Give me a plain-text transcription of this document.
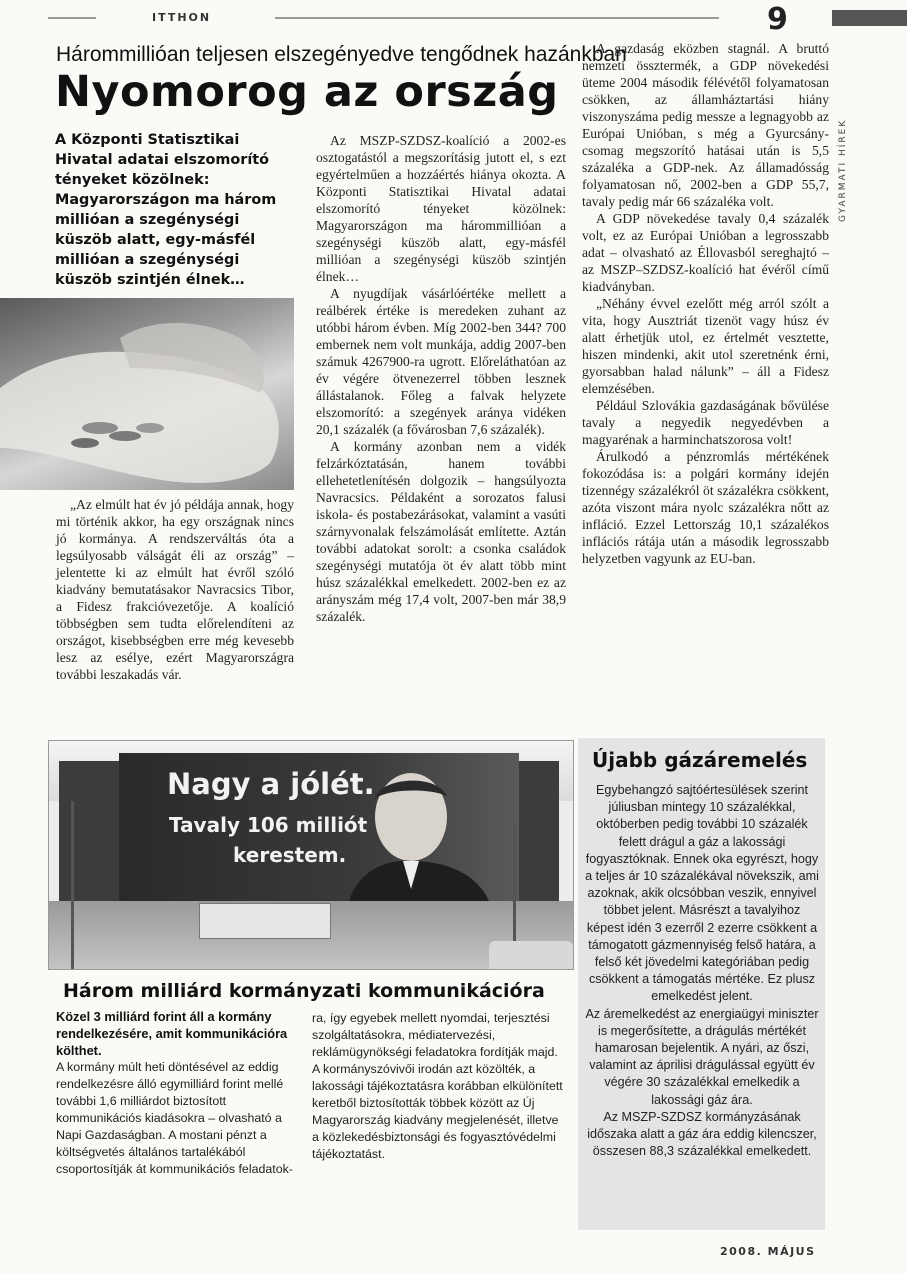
ITTHON	9
GYARMATI HÍREK
Hárommillióan teljesen elszegényedve tengődnek hazánkban
Nyomorog az ország
A Központi Statisztikai Hivatal adatai elszomorító tényeket közölnek: Magyarországon ma három millióan a szegénységi küszöb alatt, egy-másfél millióan a szegénységi küszöb szintjén élnek…

„Az elmúlt hat év jó példája annak, hogy mi történik akkor, ha egy országnak nincs jó kormánya. A rendszerváltás óta a legsúlyosabb válságát éli az ország” – jelentette ki az elmúlt hat évről szóló kiadvány bemutatásakor Navracsics Tibor, a Fidesz frakcióvezetője. A koalíció többségben sem tudta előrelendíteni az országot, kisebbségben erre még kevesebb lesz az esélye, ezért Magyarországra további leszakadás vár.

Az MSZP-SZDSZ-koalíció a 2002-es osztogatástól a megszorításig jutott el, s ezt egyértelműen a hozzáértés hiánya okozta. A Központi Statisztikai Hivatal adatai elszomorító tényeket közölnek: Magyarországon ma hárommillióan a szegénységi küszöb alatt, egy-másfél millióan a szegénységi küszöb szintjén élnek…

A nyugdíjak vásárlóértéke mellett a reálbérek értéke is meredeken zuhant az utóbbi három évben. Míg 2002-ben 344? 700 embernek nem volt munkája, addig 2007-ben számuk 4267900-ra ugrott. Előreláthatóan az év végére ötvenezerrel többen lesznek állástalanok. Főleg a falvak helyzete elszomorító: a szegények aránya vidéken 20,1 százalék (a fővárosban 7,6 százalék).

A kormány azonban nem a vidék felzárkóztatásán, hanem további ellehetetlenítésén dolgozik – hangsúlyozta Navracsics. Példaként a sorozatos falusi iskola- és postabezárásokat, valamint a vasúti szárnyvonalak felszámolását említette. Aztán további adatokat sorolt: a csonka családok szegénységi mutatója öt év alatt több mint húsz százalékkal emelkedett. 2002-ben ez az arányszám még 17,4 volt, 2007-ben már 38,9 százalék.

A gazdaság eközben stagnál. A bruttó nemzeti össztermék, a GDP növekedési üteme 2004 második félévétől folyamatosan csökken, az államháztartási hiány viszonyszáma pedig messze a legnagyobb az Európai Unióban, s még a Gyurcsány-csomag megszorító hatásai után is 5,5 százaléka a GDP-nek. Az államadósság folyamatosan nő, 2002-ben a GDP 55,7, tavaly pedig már 66 százaléka volt.

A GDP növekedése tavaly 0,4 százalék volt, ez az Európai Unióban a legrosszabb adat – olvasható az Éllovasból sereghajtó – az MSZP–SZDSZ-koalíció hat évéről című kiadványban.

„Néhány évvel ezelőtt még arról szólt a vita, hogy Ausztriát tizenöt vagy húsz év alatt érhetjük utol, ez értelmét vesztette, hiszen mindenki, akit utol szeretnénk érni, gyorsabban halad nálunk” – áll a Fidesz elemzésében.

Például Szlovákia gazdaságának bővülése tavaly a negyedik negyedévben a magyarénak a harminchatszorosa volt!

Árulkodó a pénzromlás mértékének fokozódása is: a polgári kormány idején tizennégy százalékról öt százalékra csökkent, azóta viszont mára nyolc százalékra nőtt az infláció. Ezzel Lettország 10,1 százalékos inflációs rátája után a második legrosszabb helyzetben vagyunk az EU-ban.

Nagy a jólét.
Tavaly 106 milliót
kerestem.
Három milliárd kormányzati kommunikációra
Közel 3 milliárd forint áll a kormány rendelkezésére, amit kommunikációra költhet.
A kormány múlt heti döntésével az eddig rendelkezésre álló egymilliárd forint mellé további 1,6 milliárdot biztosított kommunikációs kiadásokra – olvasható a Napi Gazdaságban. A mostani pénzt a költségvetés általános tartalékából csoportosítják át kommunikációs feladatok-

ra, így egyebek mellett nyomdai, terjesztési szolgáltatásokra, médiatervezési, reklámügynökségi feladatokra fordítják majd.

A kormányszóvivői irodán azt közölték, a lakossági tájékoztatásra korábban elkülönített keretből biztosították többek között az Új Magyarország kiadvány megjelenését, illetve a közlekedésbiztonsági és fogyasztóvédelmi tájékoztatást.

Újabb gázáremelés

Egybehangzó sajtóértesülések szerint júliusban mintegy 10 százalékkal, októberben pedig további 10 százalék felett drágul a gáz a lakossági fogyasztóknak. Ennek oka egyrészt, hogy a teljes ár 10 százalékával növekszik, ami azoknak, akik olcsóbban veszik, ennyivel többet jelent. Másrészt a tavalyihoz képest idén 3 ezerről 2 ezerre csökkent a támogatott gázmennyiség felső határa, a felső két jövedelmi kategóriában pedig csökkent a támogatás mértéke. Ez plusz emelkedést jelent.

Az áremelkedést az energiaügyi miniszter is megerősítette, a drágulás mértékét hamarosan bejelentik. A nyári, az őszi, valamint az áprilisi drágulással együtt év végére 30 százalékkal emelkedik a lakossági gáz ára.

Az MSZP-SZDSZ kormányzásának időszaka alatt a gáz ára eddig kilencszer, összesen 88,3 százalékkal emelkedett.

2008. MÁJUS
